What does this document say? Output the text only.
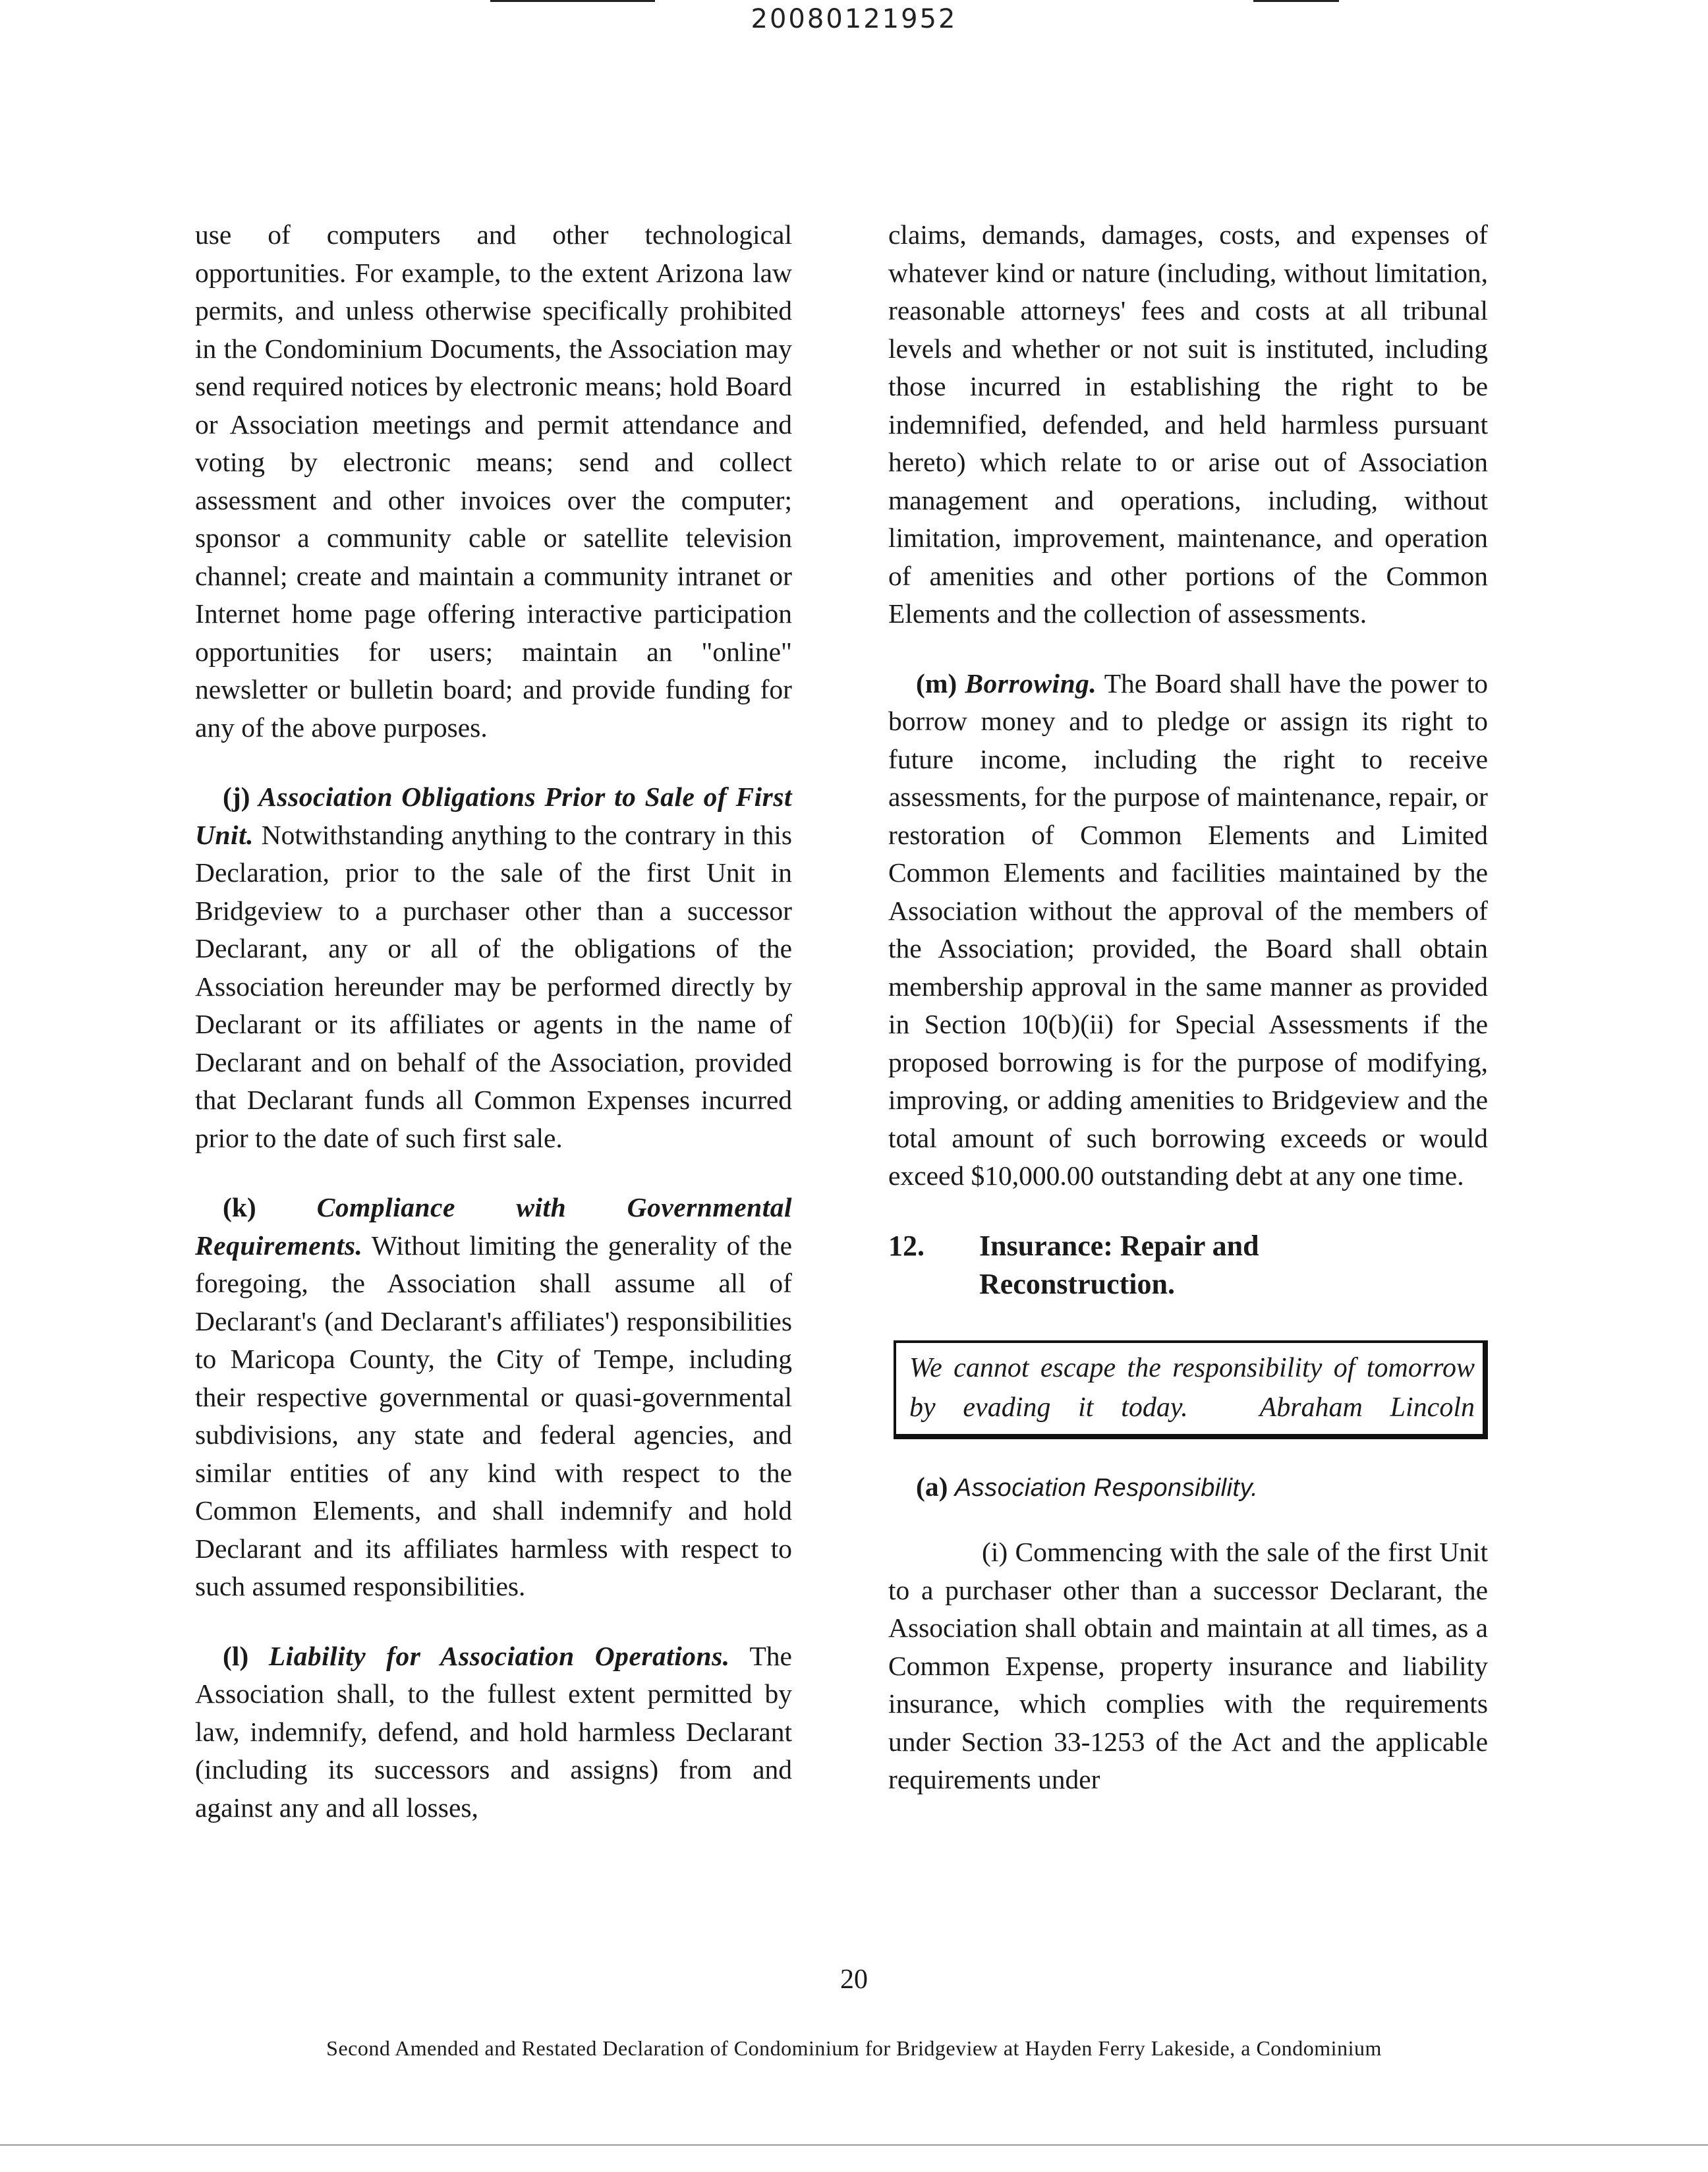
20080121952

use of computers and other technological opportunities. For example, to the extent Arizona law permits, and unless otherwise specifically prohibited in the Condominium Documents, the Association may send required notices by electronic means; hold Board or Association meetings and permit attendance and voting by electronic means; send and collect assessment and other invoices over the computer; sponsor a community cable or satellite television channel; create and maintain a community intranet or Internet home page offering interactive participation opportunities for users; maintain an "online" newsletter or bulletin board; and provide funding for any of the above purposes.

(j) Association Obligations Prior to Sale of First Unit. Notwithstanding anything to the contrary in this Declaration, prior to the sale of the first Unit in Bridgeview to a purchaser other than a successor Declarant, any or all of the obligations of the Association hereunder may be performed directly by Declarant or its affiliates or agents in the name of Declarant and on behalf of the Association, provided that Declarant funds all Common Expenses incurred prior to the date of such first sale.

(k) Compliance with Governmental Requirements. Without limiting the generality of the foregoing, the Association shall assume all of Declarant's (and Declarant's affiliates') responsibilities to Maricopa County, the City of Tempe, including their respective governmental or quasi-governmental subdivisions, any state and federal agencies, and similar entities of any kind with respect to the Common Elements, and shall indemnify and hold Declarant and its affiliates harmless with respect to such assumed responsibilities.

(l) Liability for Association Operations. The Association shall, to the fullest extent permitted by law, indemnify, defend, and hold harmless Declarant (including its successors and assigns) from and against any and all losses,

claims, demands, damages, costs, and expenses of whatever kind or nature (including, without limitation, reasonable attorneys' fees and costs at all tribunal levels and whether or not suit is instituted, including those incurred in establishing the right to be indemnified, defended, and held harmless pursuant hereto) which relate to or arise out of Association management and operations, including, without limitation, improvement, maintenance, and operation of amenities and other portions of the Common Elements and the collection of assessments.

(m) Borrowing. The Board shall have the power to borrow money and to pledge or assign its right to future income, including the right to receive assessments, for the purpose of maintenance, repair, or restoration of Common Elements and Limited Common Elements and facilities maintained by the Association without the approval of the members of the Association; provided, the Board shall obtain membership approval in the same manner as provided in Section 10(b)(ii) for Special Assessments if the proposed borrowing is for the purpose of modifying, improving, or adding amenities to Bridgeview and the total amount of such borrowing exceeds or would exceed $10,000.00 outstanding debt at any one time.

12.	Insurance: Repair and
Reconstruction.
We cannot escape the responsibility of tomorrow by evading it today.	Abraham Lincoln

(a) Association Responsibility.

(i) Commencing with the sale of the first Unit to a purchaser other than a successor Declarant, the Association shall obtain and maintain at all times, as a Common Expense, property insurance and liability insurance, which complies with the requirements under Section 33-1253 of the Act and the applicable requirements under

20
Second Amended and Restated Declaration of Condominium for Bridgeview at Hayden Ferry Lakeside, a Condominium
